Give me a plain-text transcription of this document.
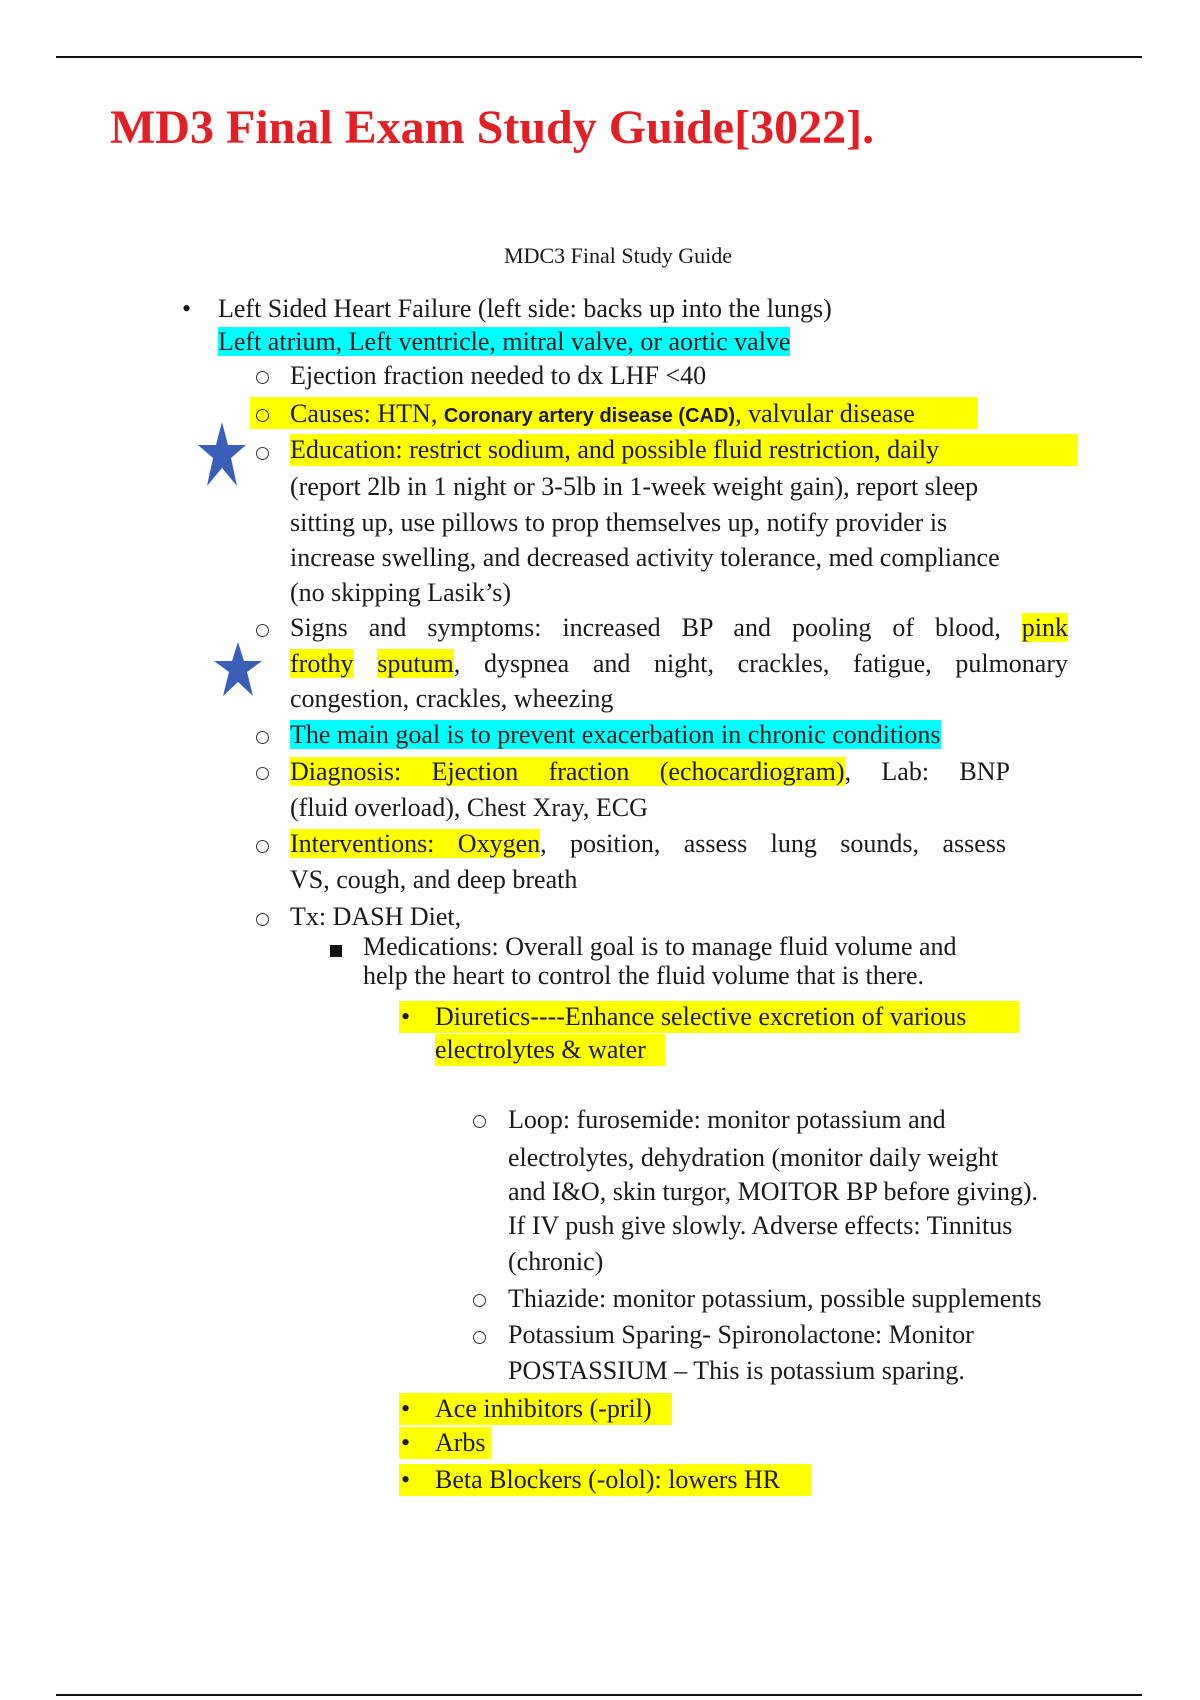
MD3 Final Exam Study Guide[3022].
MDC3 Final Study Guide
• Left Sided Heart Failure (left side: backs up into the lungs)
Left atrium, Left ventricle, mitral valve, or aortic valve
Ejection fraction needed to dx LHF <40
Causes: HTN, Coronary artery disease (CAD), valvular disease
Education: restrict sodium, and possible fluid restriction, daily
(report 2lb in 1 night or 3-5lb in 1-week weight gain), report sleep
sitting up, use pillows to prop themselves up, notify provider is
increase swelling, and decreased activity tolerance, med compliance
(no skipping Lasik’s)
Signs and symptoms: increased BP and pooling of blood, pink
frothy sputum, dyspnea and night, crackles, fatigue, pulmonary
congestion, crackles, wheezing
The main goal is to prevent exacerbation in chronic conditions
Diagnosis: Ejection fraction (echocardiogram), Lab: BNP
(fluid overload), Chest Xray, ECG
Interventions: Oxygen, position, assess lung sounds, assess
VS, cough, and deep breath
Tx: DASH Diet,
Medications: Overall goal is to manage fluid volume and
help the heart to control the fluid volume that is there.
• Diuretics----Enhance selective excretion of various
electrolytes & water
Loop: furosemide: monitor potassium and
electrolytes, dehydration (monitor daily weight
and I&O, skin turgor, MOITOR BP before giving).
If IV push give slowly. Adverse effects: Tinnitus
(chronic)
Thiazide: monitor potassium, possible supplements
Potassium Sparing- Spironolactone: Monitor
POSTASSIUM – This is potassium sparing.
• Ace inhibitors (-pril)
• Arbs
• Beta Blockers (-olol): lowers HR
